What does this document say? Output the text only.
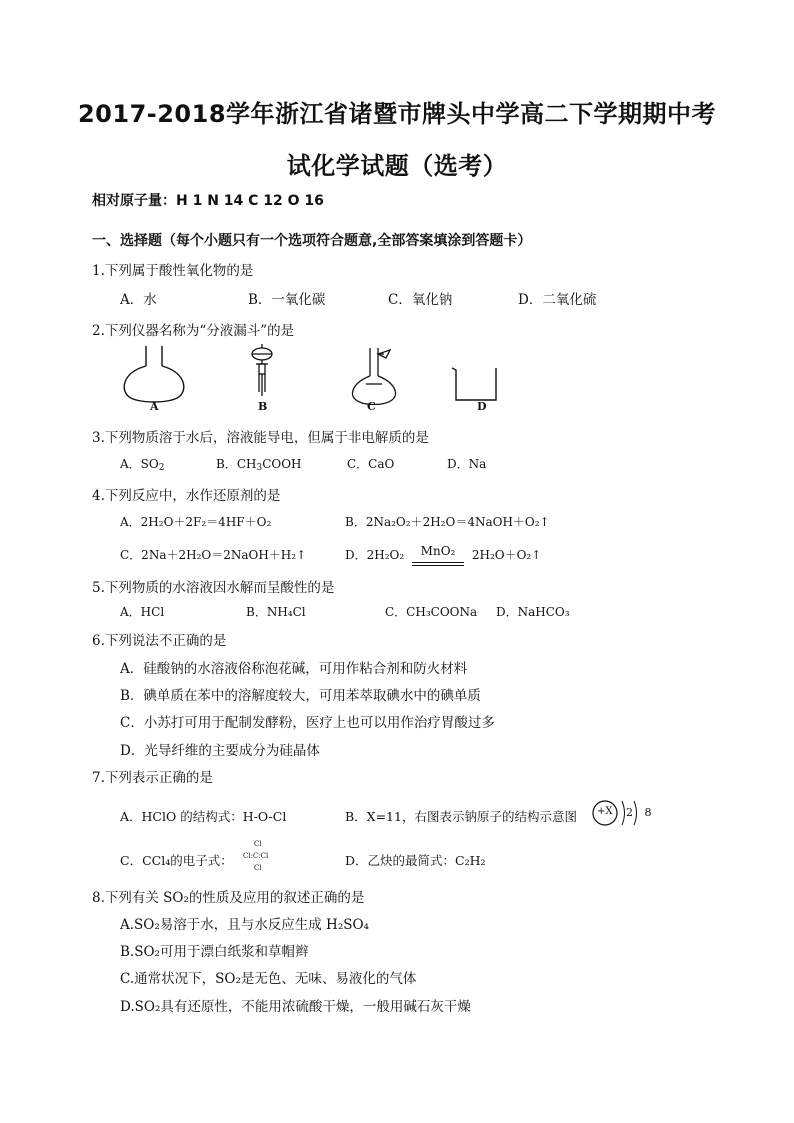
2017-2018学年浙江省诸暨市牌头中学高二下学期期中考
试化学试题（选考）
相对原子量：H 1 N 14 C 12 O 16
一、选择题（每个小题只有一个选项符合题意,全部答案填涂到答题卡）
1.下列属于酸性氧化物的是
A．水	B．一氧化碳	C．氧化钠	D．二氧化硫
2.下列仪器名称为“分液漏斗”的是
A	B	C	D
3.下列物质溶于水后，溶液能导电，但属于非电解质的是
A．$SO_2$	B．$CH_3COOH$	C．CaO	D．Na
4.下列反应中，水作还原剂的是
A．2H₂O＋2F₂＝4HF＋O₂	B．2Na₂O₂＋2H₂O＝4NaOH＋O₂↑
C．2Na＋2H₂O＝2NaOH＋H₂↑	D．2H₂O₂	MnO₂	2H₂O＋O₂↑
5.下列物质的水溶液因水解而呈酸性的是
A．HCl	B．NH₄Cl	C．CH₃COONa D．NaHCO₃
6.下列说法不正确的是
A．硅酸钠的水溶液俗称泡花碱，可用作粘合剂和防火材料
B．碘单质在苯中的溶解度较大，可用苯萃取碘水中的碘单质
C．小苏打可用于配制发酵粉，医疗上也可以用作治疗胃酸过多
D．光导纤维的主要成分为硅晶体
7.下列表示正确的是
A．HClO 的结构式：H-O-Cl	B．X=11，右图表示钠原子的结构示意图 +X 2 8
C．CCl₄的电子式：
Cl
Cl:C:Cl
Cl	D．乙炔的最简式：C₂H₂
8.下列有关 SO₂的性质及应用的叙述正确的是
A.SO₂易溶于水，且与水反应生成 H₂SO₄
B.SO₂可用于漂白纸浆和草帽辫
C.通常状况下，SO₂是无色、无味、易液化的气体
D.SO₂具有还原性，不能用浓硫酸干燥，一般用碱石灰干燥
